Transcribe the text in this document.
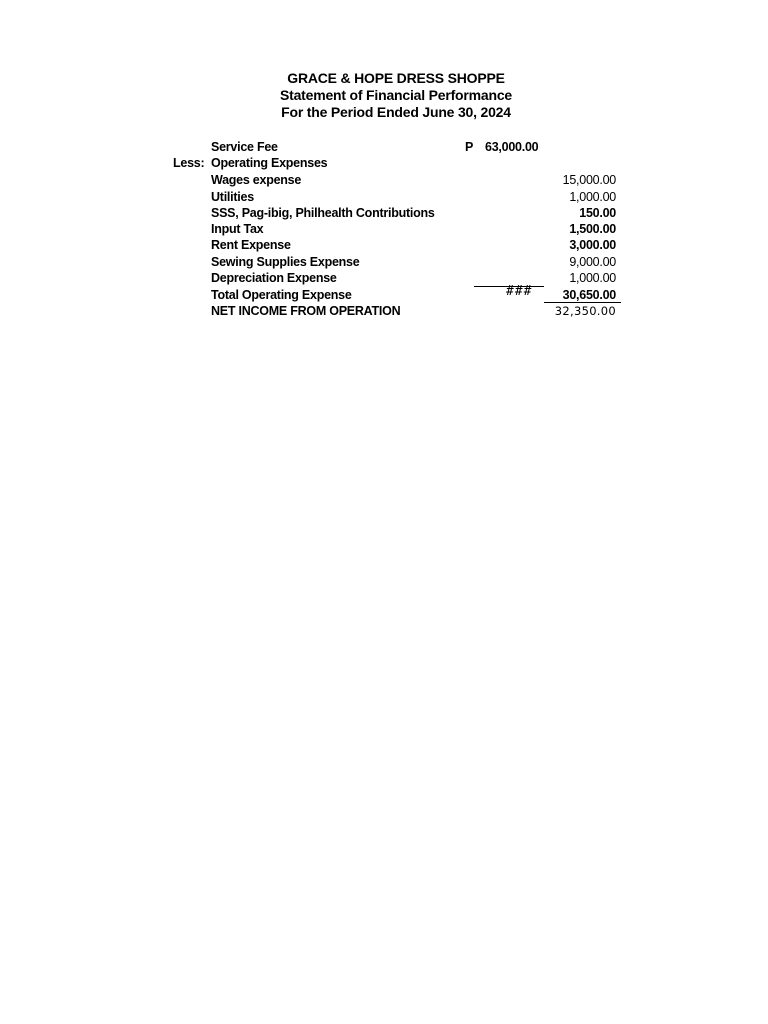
GRACE & HOPE DRESS SHOPPE
Statement of Financial Performance
For the Period Ended June 30, 2024
Service Fee	P 63,000.00
Less: Operating Expenses
Wages expense	15,000.00
Utilities	1,000.00
SSS, Pag-ibig, Philhealth Contributions	150.00
Input Tax	1,500.00
Rent Expense	3,000.00
Sewing Supplies Expense	9,000.00
Depreciation Expense	1,000.00
Total Operating Expense	### 30,650.00
NET INCOME FROM OPERATION	32,350.00
